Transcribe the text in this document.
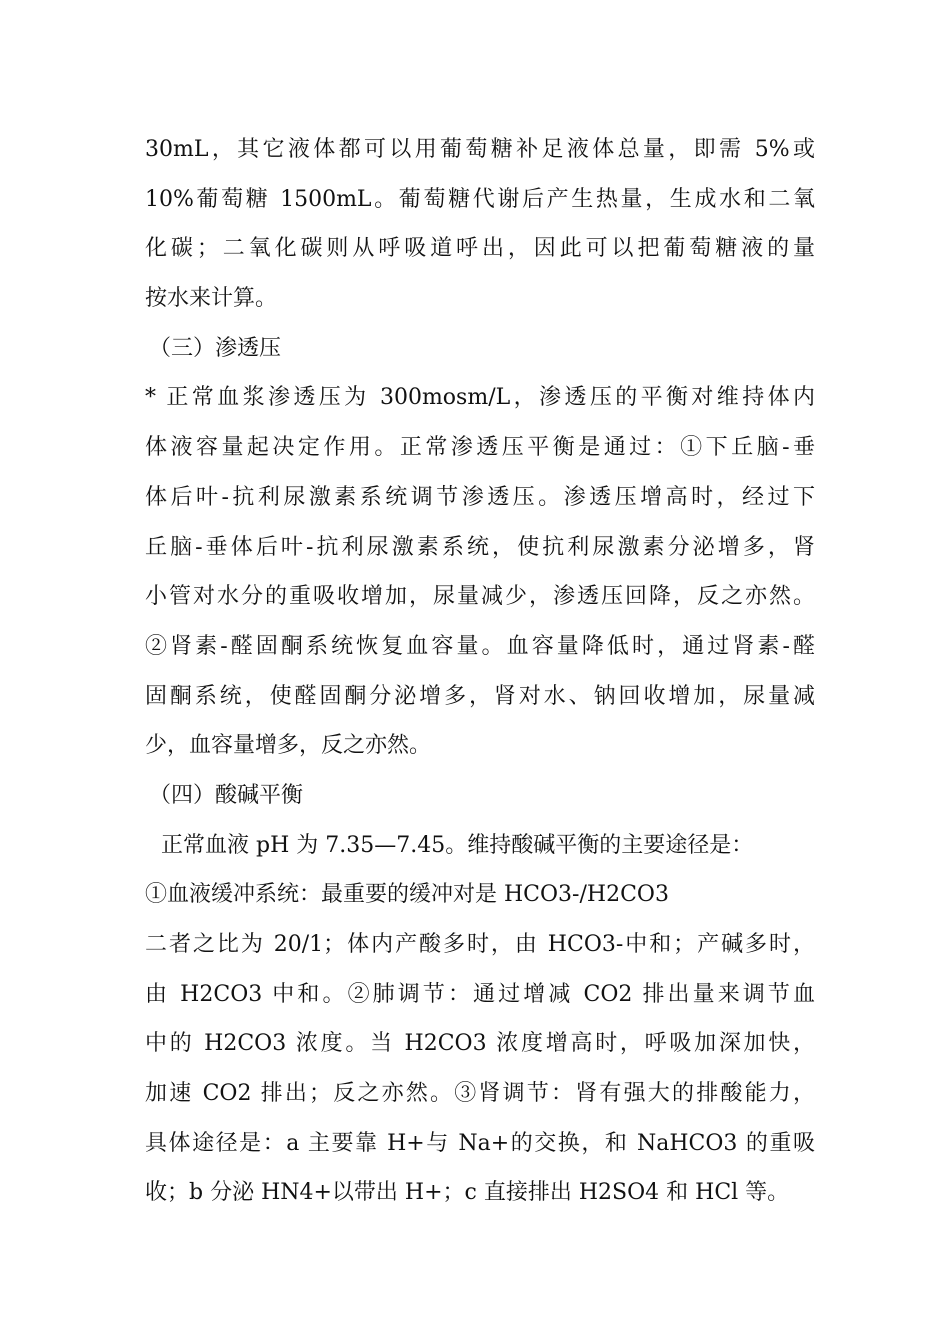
30mL，其它液体都可以用葡萄糖补足液体总量，即需 5%或
10%葡萄糖 1500mL。葡萄糖代谢后产生热量，生成水和二氧
化碳；二氧化碳则从呼吸道呼出，因此可以把葡萄糖液的量
按水来计算。
（三）渗透压
* 正常血浆渗透压为 300mosm/L，渗透压的平衡对维持体内
体液容量起决定作用。正常渗透压平衡是通过：①下丘脑-垂
体后叶-抗利尿激素系统调节渗透压。渗透压增高时，经过下
丘脑-垂体后叶-抗利尿激素系统，使抗利尿激素分泌增多，肾
小管对水分的重吸收增加，尿量减少，渗透压回降，反之亦然。
②肾素-醛固酮系统恢复血容量。血容量降低时，通过肾素-醛
固酮系统，使醛固酮分泌增多，肾对水、钠回收增加，尿量减
少，血容量增多，反之亦然。
（四）酸碱平衡
正常血液 pH 为 7.35—7.45。维持酸碱平衡的主要途径是：
①血液缓冲系统：最重要的缓冲对是 HCO3-/H2CO3
二者之比为 20/1；体内产酸多时，由 HCO3-中和；产碱多时，
由 H2CO3 中和。②肺调节：通过增减 CO2 排出量来调节血
中的 H2CO3 浓度。当 H2CO3 浓度增高时，呼吸加深加快，
加速 CO2 排出；反之亦然。③肾调节：肾有强大的排酸能力，
具体途径是：a 主要靠 H+与 Na+的交换，和 NaHCO3 的重吸
收；b 分泌 HN4+以带出 H+；c 直接排出 H2SO4 和 HCl 等。
